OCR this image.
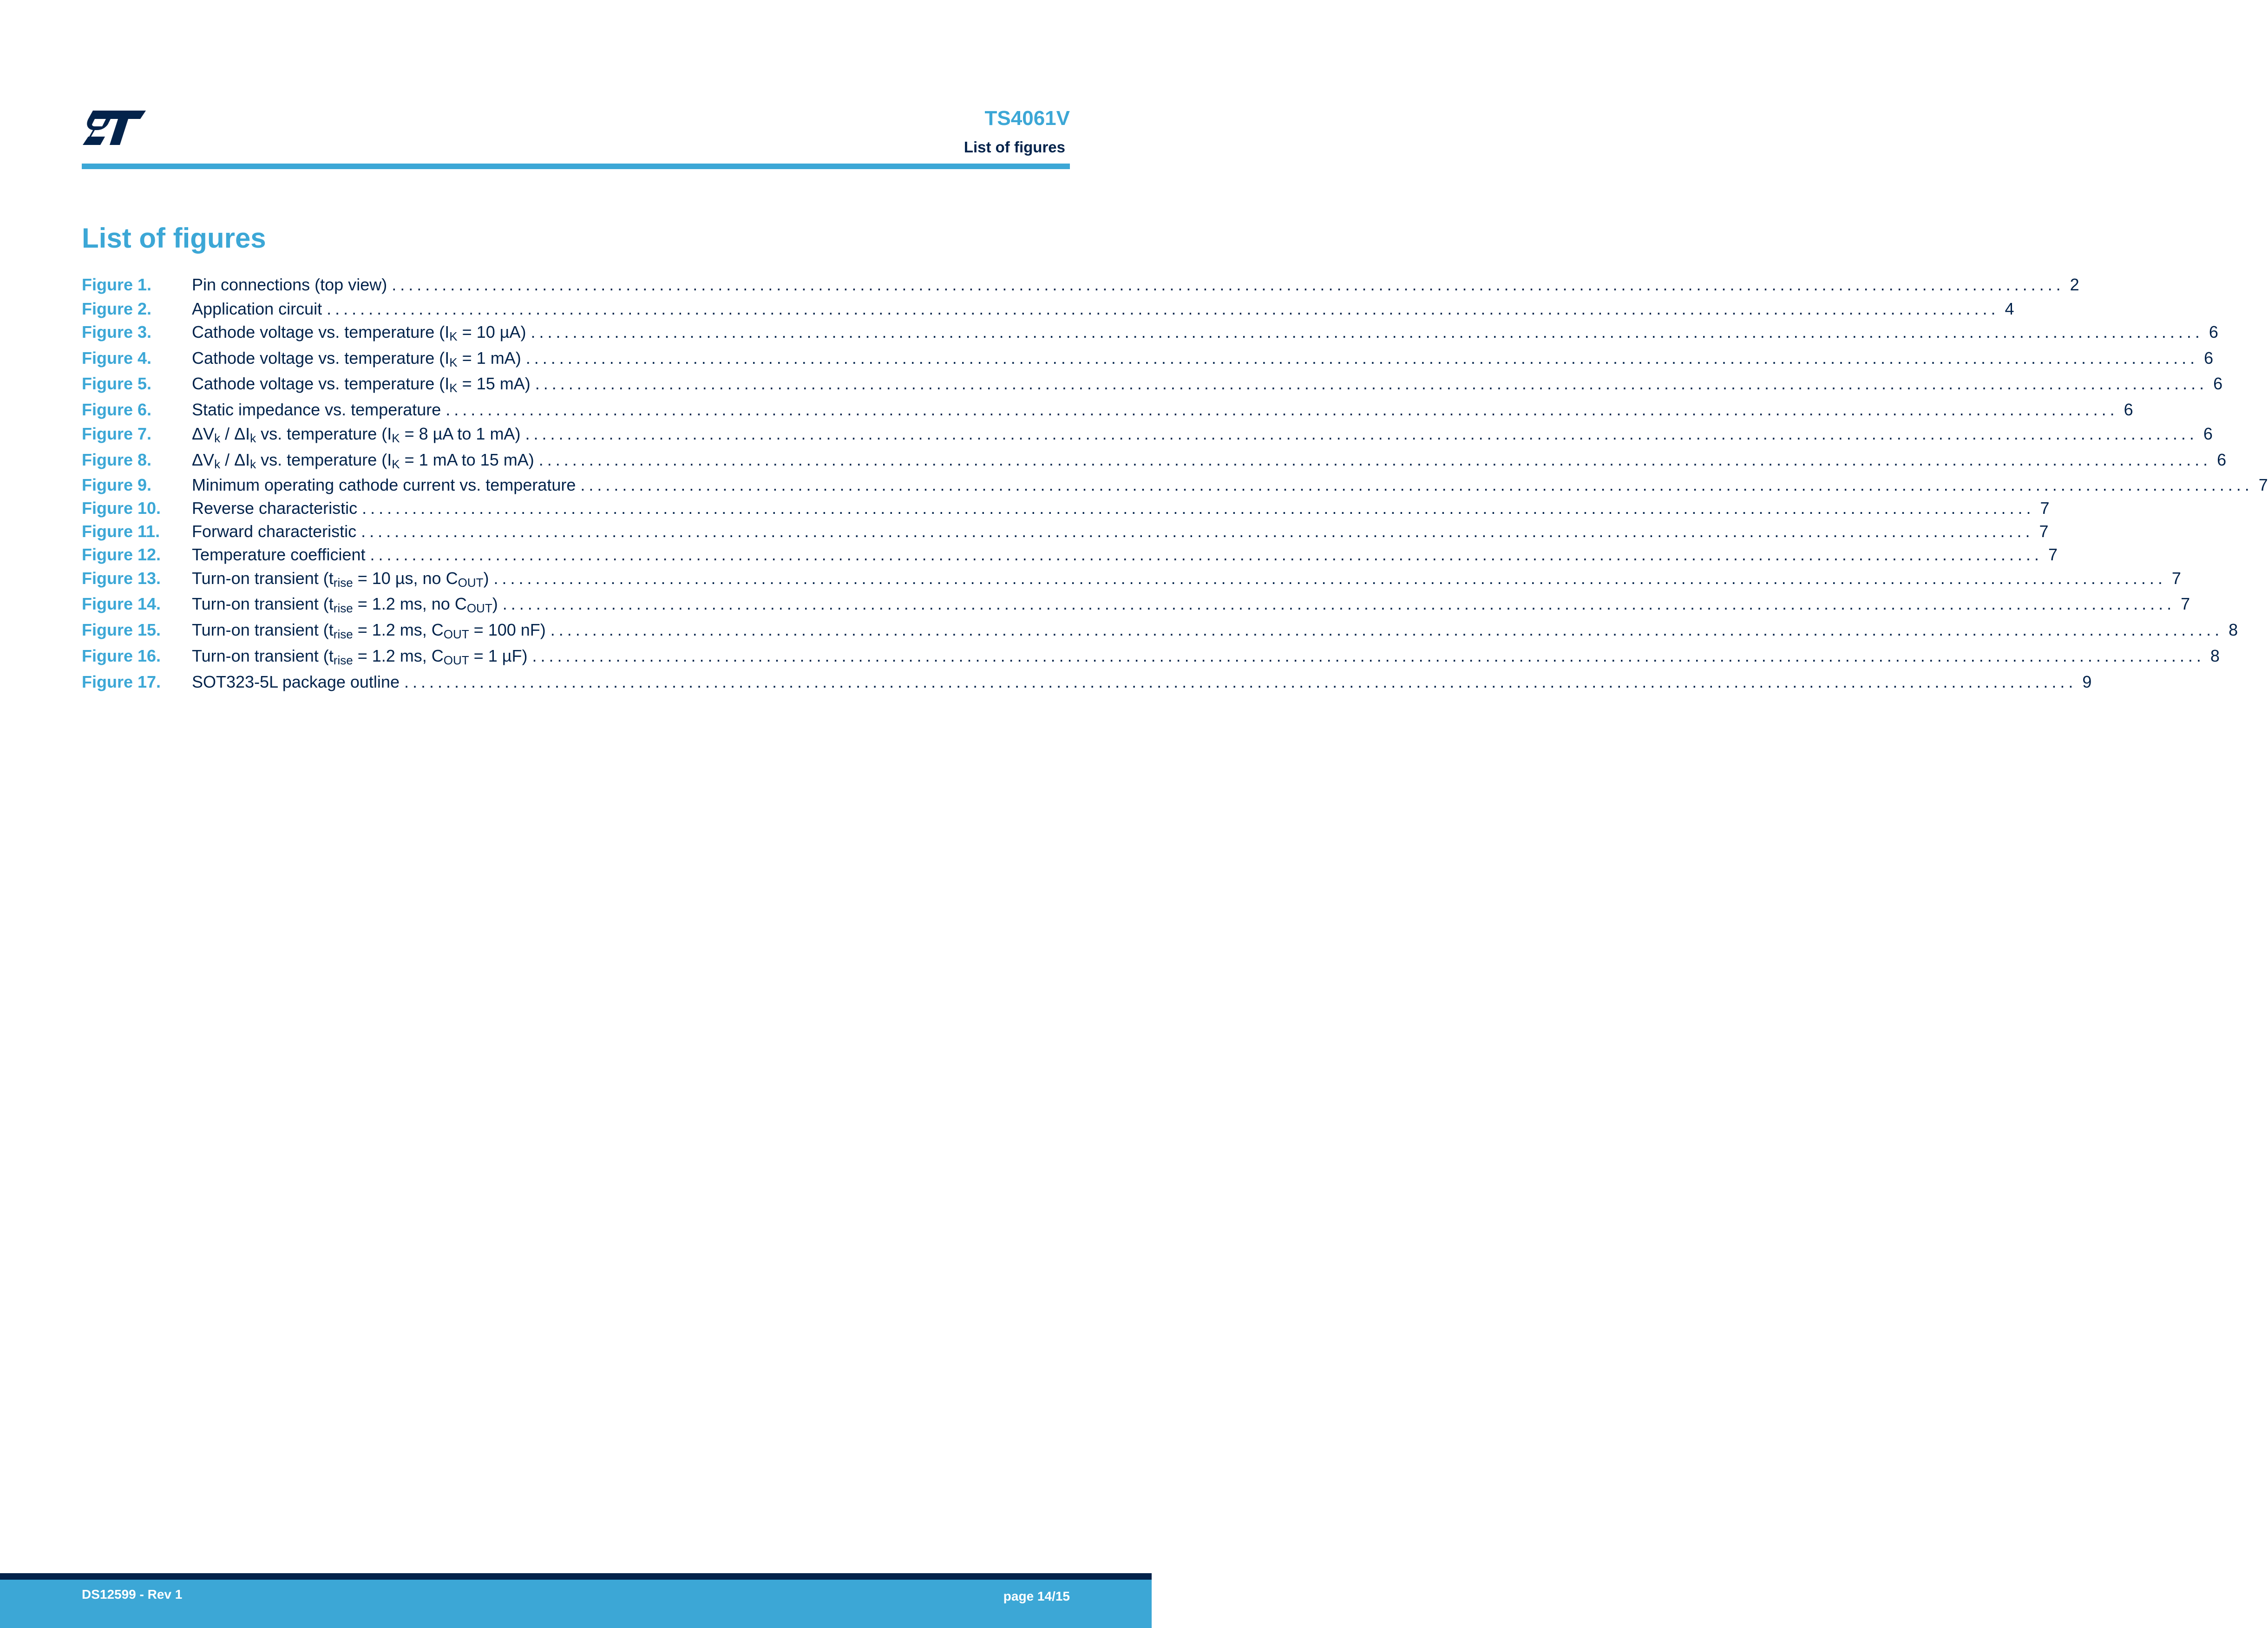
TS4061V
List of figures
List of figures
Figure 1.	Pin connections (top view) ........................................................................................................................................................................................................ 2
Figure 2.	Application circuit ........................................................................................................................................................................................................ 4
Figure 3.	Cathode voltage vs. temperature ($I_K = 10$ µA) ........................................................................................................................................................................................................ 6
Figure 4.	Cathode voltage vs. temperature ($I_K = 1$ mA) ........................................................................................................................................................................................................ 6
Figure 5.	Cathode voltage vs. temperature ($I_K = 15$ mA) ........................................................................................................................................................................................................ 6
Figure 6.	Static impedance vs. temperature ........................................................................................................................................................................................................ 6
Figure 7.	$\Delta V_k / \Delta I_k$ vs. temperature ($I_K = 8$ µA to 1 mA) ........................................................................................................................................................................................................ 6
Figure 8.	$\Delta V_k / \Delta I_k$ vs. temperature ($I_K = 1$ mA to 15 mA) ........................................................................................................................................................................................................ 6
Figure 9.	Minimum operating cathode current vs. temperature ........................................................................................................................................................................................................ 7
Figure 10.	Reverse characteristic ........................................................................................................................................................................................................ 7
Figure 11.	Forward characteristic ........................................................................................................................................................................................................ 7
Figure 12.	Temperature coefficient ........................................................................................................................................................................................................ 7
Figure 13.	Turn-on transient ($t_{rise} = 10$ µs, no $C_{OUT}$) ........................................................................................................................................................................................................ 7
Figure 14.	Turn-on transient ($t_{rise} = 1.2$ ms, no $C_{OUT}$) ........................................................................................................................................................................................................ 7
Figure 15.	Turn-on transient ($t_{rise} = 1.2$ ms, $C_{OUT} = 100$ nF) ........................................................................................................................................................................................................ 8
Figure 16.	Turn-on transient ($t_{rise} = 1.2$ ms, $C_{OUT} = 1$ µF) ........................................................................................................................................................................................................ 8
Figure 17.	SOT323-5L package outline ........................................................................................................................................................................................................ 9
DS12599 - Rev 1	page 14/15
